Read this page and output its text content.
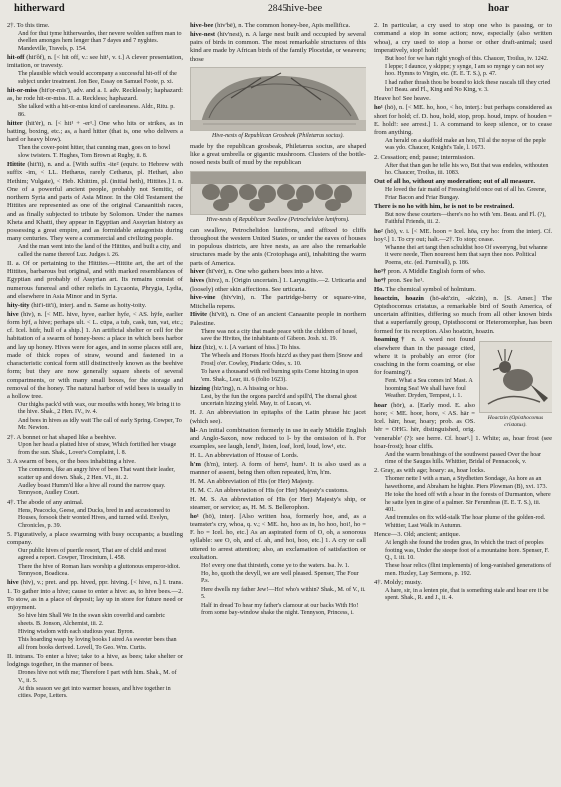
hitherward	2845 hive-bee	hoar
2†. To this time.
And for thui tyme hitherwardes, ther nevere wolden suffren man to dwellen amonges hem lenger than 7 dayes and 7 nyghtes. Mandeville, Travels, p. 154.
hit-off (hit'ôf), n. [< hit off, v.: see hit¹, v. t.] A clever presentation, imitation, or travesty.
The plausible which would accompany a successful hit-off of the subject under treatment. Jon Bee, Essay on Samuel Foote, p. xi.
hit-or-miss (hit'ọr-mis'), adv. and a. I. adv. Recklessly; haphazard: as, he rode hit-or-miss. II. a. Reckless; haphazard.
She talked with a hit-or-miss kind of carelessness. Aldr., Ritu. p. 86.
hitter (hit'ėr), n. [< hit¹ + -er¹.] One who hits or strikes, as in batting, boxing, etc.; as, a hard hitter (that is, one who delivers a hard or heavy blow).
Then the cover-point hitter, that cunning man, goes on to bowl slow twisters. T. Hughes, Tom Brown at Rugby, ii. 8.
Hittite (hit'īt), n. and a. [With suffix -ite² (equiv. to Hebrew with suffix -im, < LL. Hethæus, rarely Cethæus, pl. Hethæi, also Hethim; Vulgate), < Heb. Khittim, pl. (initial heth), Hittites.] I. n. One of a powerful ancient people, probably not Semitic, of northern Syria and parts of Asia Minor. In the Old Testament the Hittites are represented as one of the original Canaanitish races, and as finally subjected to tribute by Solomon. Under the names Kheta and Khatti, they appear in Egyptian and Assyrian history as possessing a great empire, and as formidable antagonists during many centuries. They were a commercial and civilizing people.
And the man went into the land of the Hittites, and built a city, and called the name thereof Luz. Judges i. 26.
II. a. Of or pertaining to the Hittites.—Hittite art, the art of the Hittites, barbarous but original, and with marked resemblances of Egyptian and probably of Assyrian art. Its remains consist of numerous funereal and other reliefs in Lycaonia, Phrygia, Lydia, and elsewhere in Asia Minor and in Syria.
hity-tity (hit'i-tit'i), interj. and n. Same as hoity-toity.
hive (hīv), n. [< ME. hive, hyve, earlier hyfe, < AS. hȳfe, earlier form hȳf, a hive; perhaps ult. < L. cūpa, a tub, cask, tun, vat, etc.; cf. Icel. hūfr, hull of a ship.] 1. An artificial shelter or cell for the habitation of a swarm of honey-bees: a place in which bees harbor and lay up honey. Hives were for ages, and in some places still are, made of thick ropes of straw, wound and fastened in a characteristic conical form still distinctively known as the beehive form; but they are now generally square sheets of several compartments, or with many small boxes, for the storage and removal of the honey. The natural harbor of wild bees is usually in a hollow tree.
Our thighs pack'd with wax, our mouths with honey, We bring it to the hive. Shak., 2 Hen. IV., iv. 4.
And bees in hives as idly wait The call of early Spring. Cowper, To Mr. Newton.
2†. A bonnet or hat shaped like a beehive.
Upon her head a platted hive of straw, Which fortified her visage from the sun. Shak., Lover's Complaint, l. 8.
3. A swarm of bees, or the bees inhabiting a hive.
The commons, like an angry hive of bees That want their leader, scatter up and down. Shak., 2 Hen. VI., iii. 2.
Audley boast Humm'd like a hive all round the narrow quay. Tennyson, Audley Court.
4†. The abode of any animal.
Hens, Peacocks, Geese, and Ducks, bred in and accustomed to Houses, forsook their wonted Hives, and turned wild. Evelyn, Chronicles, p. 39.
5. Figuratively, a place swarming with busy occupants; a bustling company.
Our public hives of puerile resort, That are of child and most agreed a report. Cowper, Tirocinium, l. 458.
There the hive of Roman liars worship a gluttonous emperor-idiot. Tennyson, Boadicea.
hive (hīv), v.; pret. and pp. hived, ppr. hiving. [< hive, n.] I. trans. 1. To gather into a hive; cause to enter a hive: as, to hive bees.—2. To stow, as in a place of deposit; lay up in store for future need or enjoyment.
So hive him Shall We In the swan skin coverlid and cambric sheets. B. Jonson, Alchemist, iii. 2.
Hiving wisdom with each studious year. Byron.
This hoarding wasp by loving books I aired As sweeter bees than all from books derived. Lovell, To Geo. Wm. Curtis.
II. intrans. To enter a hive; take to a hive, as bees; take shelter or lodgings together, in the manner of bees.
Drones hive not with me; Therefore I part with him. Shak., M. of V., ii. 5.
At this season we get into warmer houses, and hive together in cities. Pope, Letters.
hive-bee (hīv'bē), n. The common honey-bee, Apis mellifica.
hive-nest (hīv'nest), n. A large nest built and occupied by several pairs of birds in common. The most remarkable structures of this kind are made by African birds of the family Ploceidæ, or weavers; those
Hive-nests of Republican Grosbeak (Philetærus socius).
made by the republican grosbeak, Philetærus socius, are shaped like a great umbrella or gigantic mushroom. Clusters of the bottle-nosed nests built of mud by the republican
Hive-nests of Republican Swallow (Petrochelidon lunifrons).
can swallow, Petrochelidon lunifrons, and affixed to cliffs throughout the western United States, or under the eaves of houses in populous districts, are hive nests, as are also the remarkable structures made by the anis (Crotophaga ani), inhabiting the warm parts of America.
hiver (hī'vėr), n. One who gathers bees into a hive.
hives (hīvz), n. [Origin uncertain.] 1. Laryngitis.—2. Urticaria and (loosely) other skin affections. See urticaria.
hive-vine (hīv'vīn), n. The partridge-berry or square-vine, Mitchella repens.
Hivite (hī'vīt), n. One of an ancient Canaanite people in northern Palestine.
There was not a city that made peace with the children of Israel, save the Hivites, the inhabitants of Gibeon. Josh. xi. 19.
hizz (hiz), v. i. [A variant of hiss.] To hiss.
The Wheels and Horses Hoofs hizz'd as they past them [Snow and Frost] o'er. Cowley, Pindaric Odes, x. 10.
To have a thousand with red burning spits Come hizzing in upon 'em. Shak., Lear, iii. 6 (folio 1623).
hizzing (hiz'ing), n. A hissing or hiss.
Lest, by the fun the orgons parch'd and spill'd, The dismal ghost uncertain hizzing yield. May, tr. of Lucan, vi.
H. J. An abbreviation in epitaphs of the Latin phrase hic jacet (which see).
hl- An initial combination formerly in use in early Middle English and Anglo-Saxon, now reduced to l- by the omission of h. For examples, see laugh, lend¹, listen, loaf, lord, loud, low¹, etc.
H. L. An abbreviation of House of Lords.
h'm (h'm), interj. A form of hem², hum¹. It is also used as a manner of assent, being then often repeated, h'm, h'm.
H. M. An abbreviation of His (or Her) Majesty.
H. M. C. An abbreviation of His (or Her) Majesty's customs.
H. M. S. An abbreviation of His (or Her) Majesty's ship, or steamer, or service; as, H. M. S. Bellerophon.
ho¹ (hō), interj. [Also written hoa, formerly hoe, and, as a teamster's cry, whoa, q. v.; < ME. ho, hoo as in, ho hoo, hoi!, ho = F. ho = Icel. ho, etc.] As an aspirated form of O, oh, a sonorous syllable: see O, oh, and cf. ah, and hoi, hoo, etc.] 1. A cry or call uttered to arrest attention; also, an exclamation of satisfaction or exultation.
Ho! every one that thirsteth, come ye to the waters. Isa. lv. 1.
Ho, ho, quoth the devyll, we are well pleased. Spenser, The Four P.s.
Here dwells my father Jew!—Ho! who's within? Shak., M. of V., ii. 5.
Half in dread To hear my father's clamour at our backs With Ho! from some bay-window shake the night. Tennyson, Princess, i.
2. In particular, a cry used to stop one who is passing, or to command a stop in some action; now, especially (also written whoa), a cry used to stop a horse or other draft-animal; used imperatively, stop! hold!
But hoo! for we han right ynogh of this. Chaucer, Troilus, iv. 1242.
I leppe; I daunce, y skippe; y synge, I am so mynge y can not sey hoo. Hymns to Virgin, etc. (E. E. T. S.), p. 47.
I had rather thrash thou be bound to kick these rascals till they cried ho! Beau. and Fl., King and No King, v. 3.
Heave ho! See heave.
ho¹ (hō), n. [< ME. ho, hoo, < ho, interj.: but perhaps considered as short for hold; cf. D. hou, hold, stop, prop. houd, impv. of houden = E. hold!: see arrest.] 1. A command to keep silence, or to cease from anything.
An herald on a skaffold make an hoo, Til al the noyse of the peple was ydo. Chaucer, Knight's Tale, l. 1673.
2. Cessation; end; pause; intermission.
After that than gan he telle his wo, But that was endeles, withouten ho. Chaucer, Troilus, iii. 1083.
Out of all ho, without any moderation; out of all measure.
He loved the fair maid of Fressingfield once out of all ho. Greene, Friar Bacon and Friar Bungay.
There is no ho with him, he is not to be restrained.
But now these courters—there's no ho with 'em. Beau. and Fl. (?), Faithful Friends, iii. 2.
ho² (hō), v. i. [< ME. hoon = Icel. hōa, cry ho: from the interj. Cf. hoy².] 1. To cry out; halt.—2†. To stop; cease.
Whanne thei art tangt then schuldist hoo Of sweeryng, but whanne it were neede, Then noureest hem that sayn thee noo. Political Poems, etc. (ed. Furnivall), p. 186.
ho³† pron. A Middle English form of who.
ho⁴† pron. See he¹.
Ho. The chemical symbol of holmium.
hoactzin, hoazin (hō-akt'zin, -ak'zin), n. [S. Amer.] The Opisthocomus cristatus, a remarkable bird of South America, of uncertain affinities, differing so much from all other known birds that a superfamily group, Opisthocomi or Heteromorphæ, has been formed for its reception. Also hoatzin, hoazin.
Hoactzin (Opisthocomus cristatus).
hoaming† n. A word not found elsewhere than in the passage cited, where it is probably an error (for coaching in the form coaming, or else for foaming?).
Fent. What a Sea comes in! Mast. A hooming Sea! We shall have foul Weather. Dryden, Tempest, i. 1.
hoar (hōr), a. [Early mod. E. also hore; < ME. hoor, hore, < AS. hār = Icel. hārr, hoar, hoary; prob. as OS. hēr = OHG. hēr, distinguished, orig. 'venerable' (?): see herre. Cf. hoar¹.] 1. White; as, hoar frost (see hoar-frost); hoar cliffs.
And the warm breathings of the southwest passed Over the hoar rime of the Saugus hills. Whittier, Bridal of Pennacook, v.
2. Gray, as with age; hoary: as, hoar locks.
Thomer nette I with a man, a Stydhetten Sondage, As hore as an hawethorne, and Abraham he highte. Piers Plowman (B), xvi. 173.
He toke the hoed off with a hoar in the forests of Durmanton, where he satte lyen in gine of a palmer. Sir Ferumbras (E. E. T. S.), iii. 401.
And tremules on fix wild-stalk The hoar plume of the golden-rod. Whittier, Last Walk in Autumn.
Hence—3. Old; ancient; antique.
At length she found the troden gras, In which the tract of peoples footing was, Under the steepe foot of a mountaine hore. Spenser, F. Q., I. iii. 10.
These hoar relics (flint implements) of long-vanished generations of men. Huxley, Lay Sermons, p. 192.
4†. Moldy; musty.
A hare, sir, in a lenten pie, that is something stale and hoar ere it be spent. Shak., R. and J., ii. 4.
